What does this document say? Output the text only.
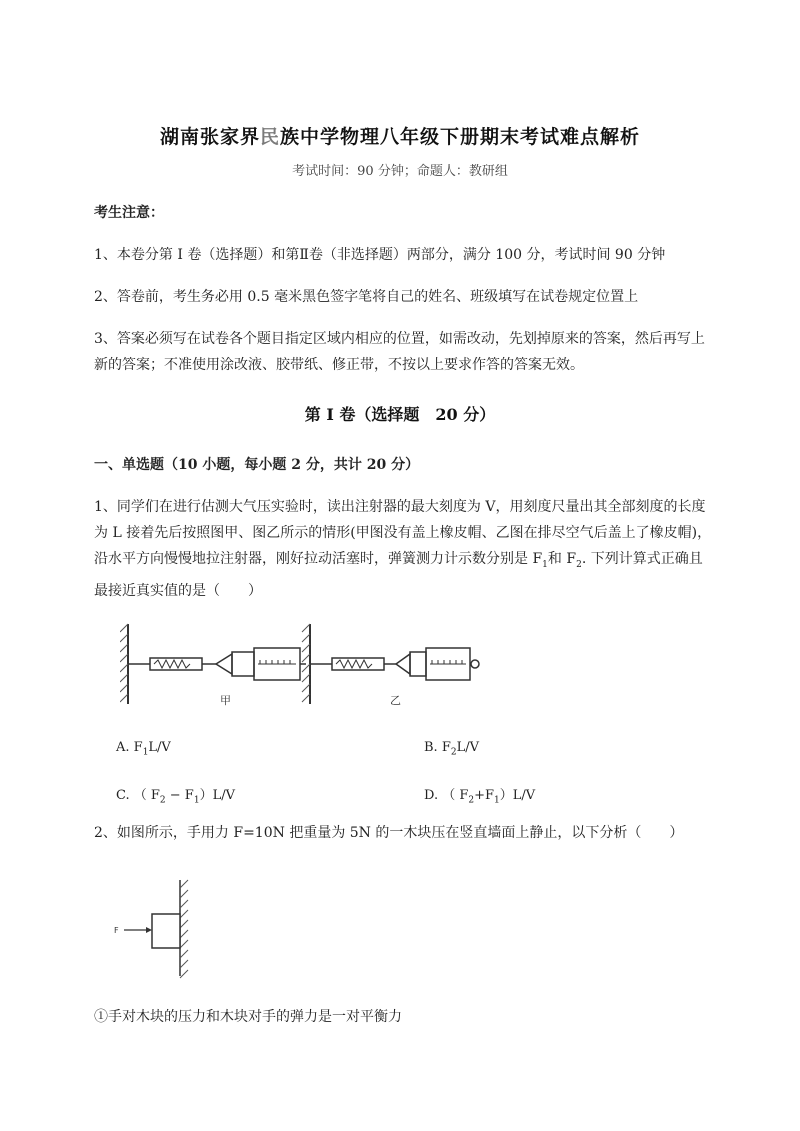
湖南张家界民族中学物理八年级下册期末考试难点解析
考试时间：90 分钟；命题人：教研组
考生注意：
1、本卷分第 I 卷（选择题）和第Ⅱ卷（非选择题）两部分，满分 100 分，考试时间 90 分钟
2、答卷前，考生务必用 0.5 毫米黑色签字笔将自己的姓名、班级填写在试卷规定位置上
3、答案必须写在试卷各个题目指定区域内相应的位置，如需改动，先划掉原来的答案，然后再写上新的答案；不准使用涂改液、胶带纸、修正带，不按以上要求作答的答案无效。
第 I 卷（选择题　20 分）
一、单选题（10 小题，每小题 2 分，共计 20 分）
1、同学们在进行估测大气压实验时，读出注射器的最大刻度为 V，用刻度尺量出其全部刻度的长度为 L 接着先后按照图甲、图乙所示的情形(甲图没有盖上橡皮帽、乙图在排尽空气后盖上了橡皮帽)，沿水平方向慢慢地拉注射器，刚好拉动活塞时，弹簧测力计示数分别是 $F_1$和 $F_2$. 下列计算式正确且最接近真实值的是（　　）
甲	乙
A. $F_1L/V$	B. $F_2L/V$
C. （ $F_2 - F_1)L/V$	D. （ $F_2+F_1)L/V$
2、如图所示，手用力 F=10N 把重量为 5N 的一木块压在竖直墙面上静止，以下分析（　　）
F
①手对木块的压力和木块对手的弹力是一对平衡力
